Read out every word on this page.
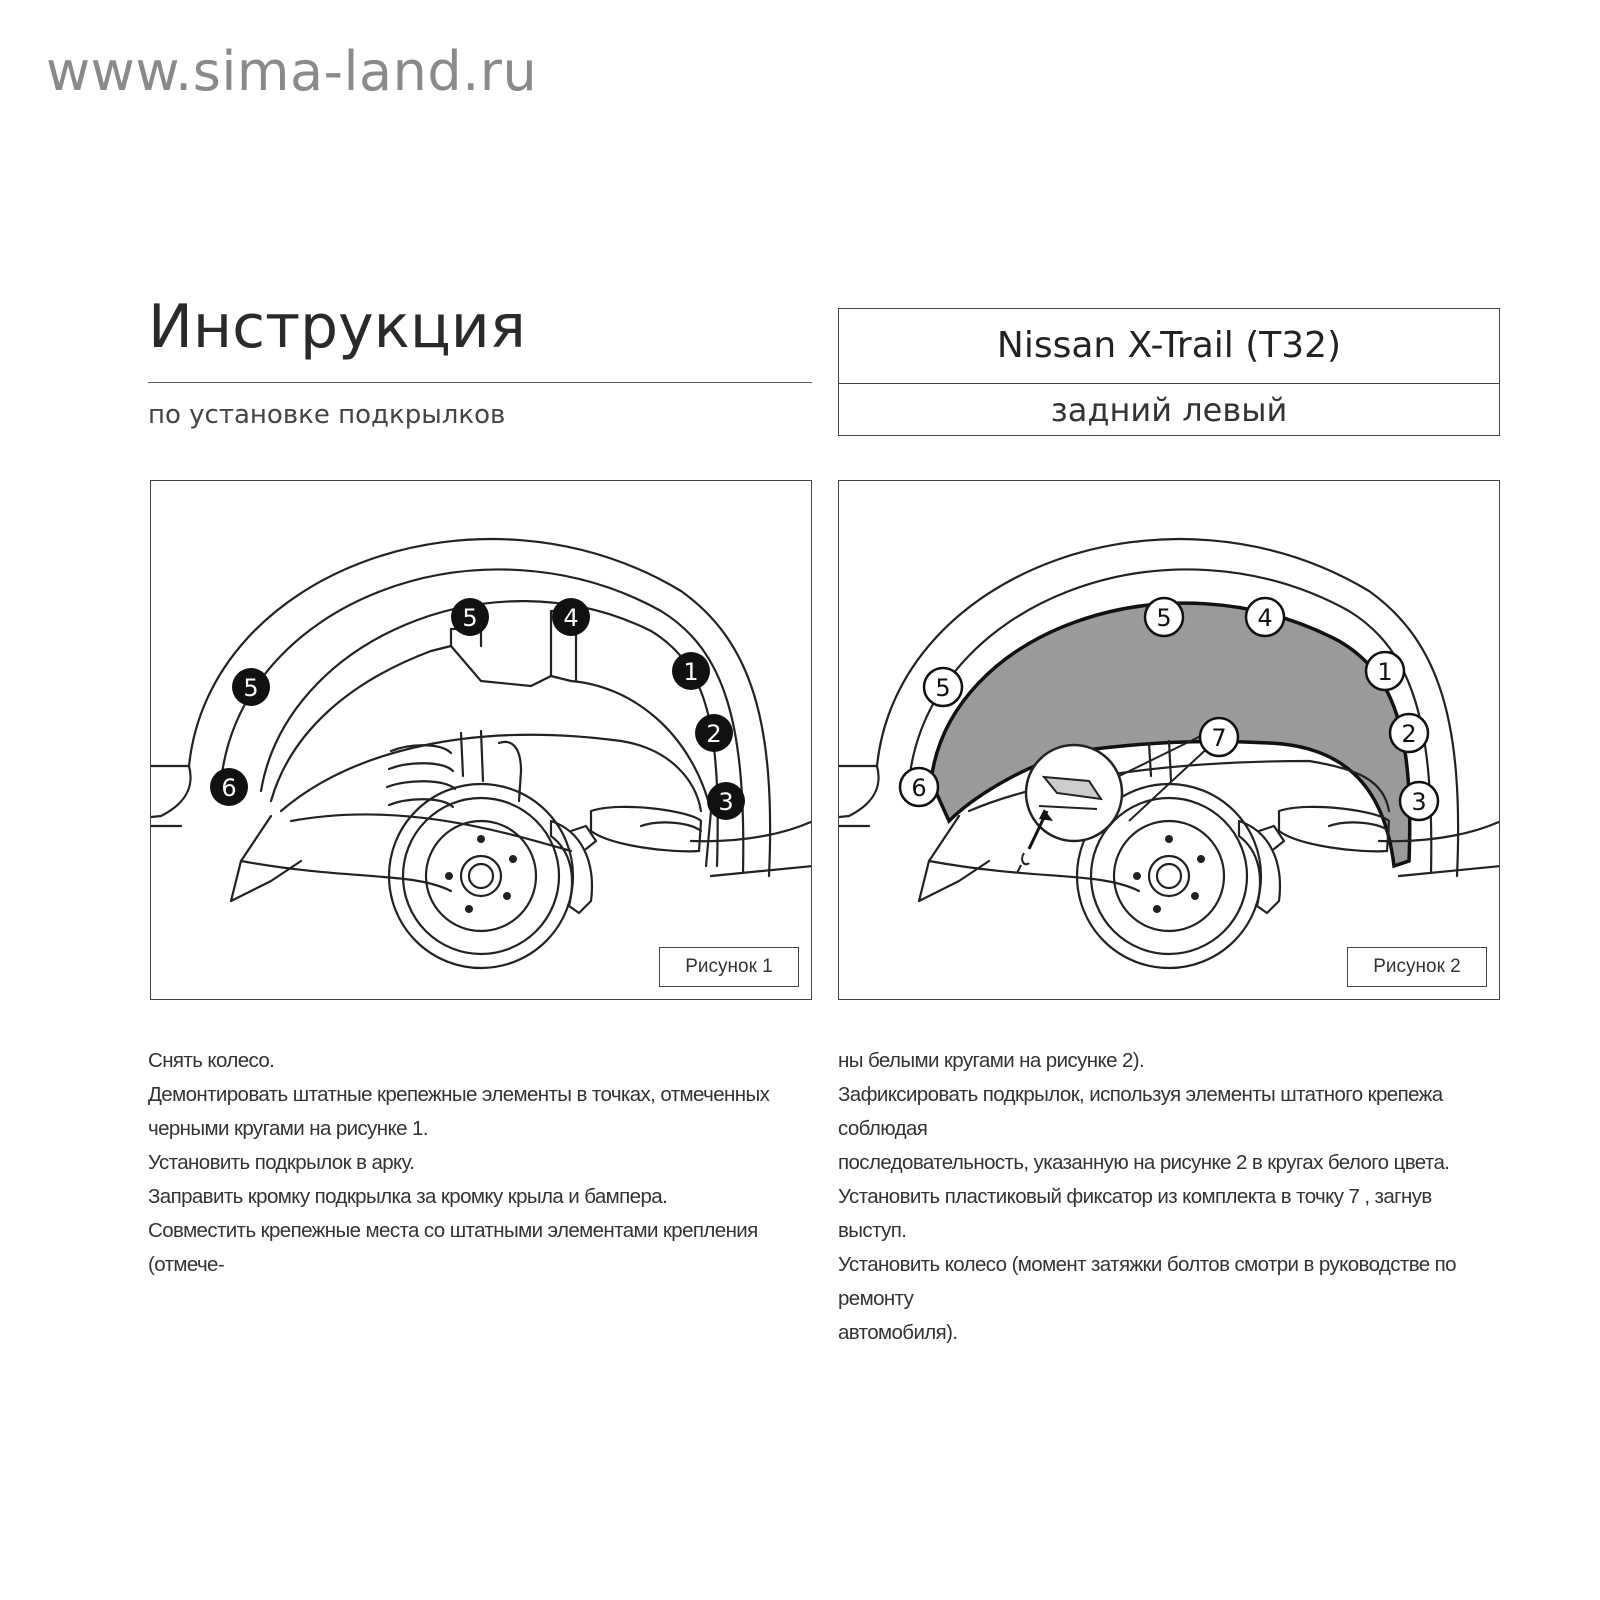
www.sima-land.ru
Инструкция
по установке подкрылков
Nissan X-Trail (T32)
задний левый
5	4
5
1
2
6	3
Рисунок 1
5	4
5
1
2
7
6	3
Рисунок 2

Снять колесо.

Демонтировать штатные крепежные элементы в точках, отмеченных

черными кругами на рисунке 1.

Установить подкрылок в арку.

Заправить кромку подкрылка за кромку крыла и бампера.

Совместить крепежные места со штатными элементами крепления (отмече-

ны белыми кругами на рисунке 2).

Зафиксировать подкрылок, используя элементы штатного крепежа соблюдая

последовательность, указанную на рисунке 2 в кругах белого цвета.

Установить пластиковый фиксатор из комплекта в точку 7 , загнув выступ.

Установить колесо (момент затяжки болтов смотри в руководстве по ремонту

автомобиля).
